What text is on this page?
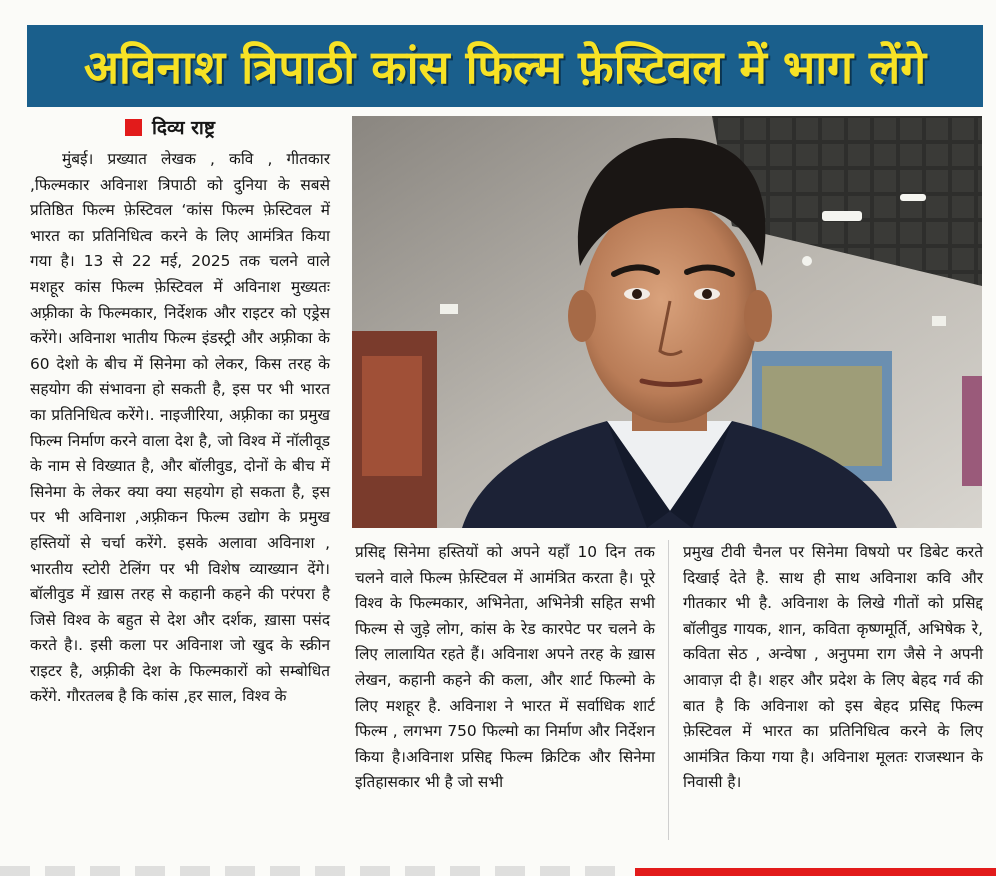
अविनाश त्रिपाठी कांस फिल्म फ़ेस्टिवल में भाग लेंगे
दिव्य राष्ट्र

मुंबई। प्रख्यात लेखक , कवि , गीतकार ,फिल्मकार अविनाश त्रिपाठी को दुनिया के सबसे प्रतिष्ठित फिल्म फ़ेस्टिवल ‘कांस फिल्म फ़ेस्टिवल में भारत का प्रतिनिधित्व करने के लिए आमंत्रित किया गया है। 13 से 22 मई, 2025 तक चलने वाले मशहूर कांस फिल्म फ़ेस्टिवल में अविनाश मुख्यतः अफ़्रीका के फिल्मकार, निर्देशक और राइटर को एड्रेस करेंगे। अविनाश भातीय फिल्म इंडस्ट्री और अफ़्रीका के 60 देशो के बीच में सिनेमा को लेकर, किस तरह के सहयोग की संभावना हो सकती है, इस पर भी भारत का प्रतिनिधित्व करेंगे।. नाइजीरिया, अफ़्रीका का प्रमुख फिल्म निर्माण करने वाला देश है, जो विश्व में नॉलीवूड के नाम से विख्यात है, और बॉलीवुड, दोनों के बीच में सिनेमा के लेकर क्या क्या सहयोग हो सकता है, इस पर भी अविनाश ,अफ़्रीकन फिल्म उद्योग के प्रमुख हस्तियों से चर्चा करेंगे. इसके अलावा अविनाश , भारतीय स्टोरी टेलिंग पर भी विशेष व्याख्यान देंगे। बॉलीवुड में ख़ास तरह से कहानी कहने की परंपरा है जिसे विश्व के बहुत से देश और दर्शक, ख़ासा पसंद करते है।. इसी कला पर अविनाश जो खुद के स्क्रीन राइटर है, अफ़्रीकी देश के फिल्मकारों को सम्बोधित करेंगे. गौरतलब है कि कांस ,हर साल, विश्व के

प्रसिद्द सिनेमा हस्तियों को अपने यहाँ 10 दिन तक चलने वाले फिल्म फ़ेस्टिवल में आमंत्रित करता है। पूरे विश्व के फिल्मकार, अभिनेता, अभिनेत्री सहित सभी फिल्म से जुड़े लोग, कांस के रेड कारपेट पर चलने के लिए लालायित रहते हैं। अविनाश अपने तरह के ख़ास लेखन, कहानी कहने की कला, और शार्ट फिल्मो के लिए मशहूर है. अविनाश ने भारत में सर्वाधिक शार्ट फिल्म , लगभग 750 फिल्मो का निर्माण और निर्देशन किया है।अविनाश प्रसिद्द फिल्म क्रिटिक और सिनेमा इतिहासकार भी है जो सभी

प्रमुख टीवी चैनल पर सिनेमा विषयो पर डिबेट करते दिखाई देते है. साथ ही साथ अविनाश कवि और गीतकार भी है. अविनाश के लिखे गीतों को प्रसिद्द बॉलीवुड गायक, शान, कविता कृष्णमूर्ति, अभिषेक रे, कविता सेठ , अन्वेषा , अनुपमा राग जैसे ने अपनी आवाज़ दी है। शहर और प्रदेश के लिए बेहद गर्व की बात है कि अविनाश को इस बेहद प्रसिद्द फिल्म फ़ेस्टिवल में भारत का प्रतिनिधित्व करने के लिए आमंत्रित किया गया है। अविनाश मूलतः राजस्थान के निवासी है।
